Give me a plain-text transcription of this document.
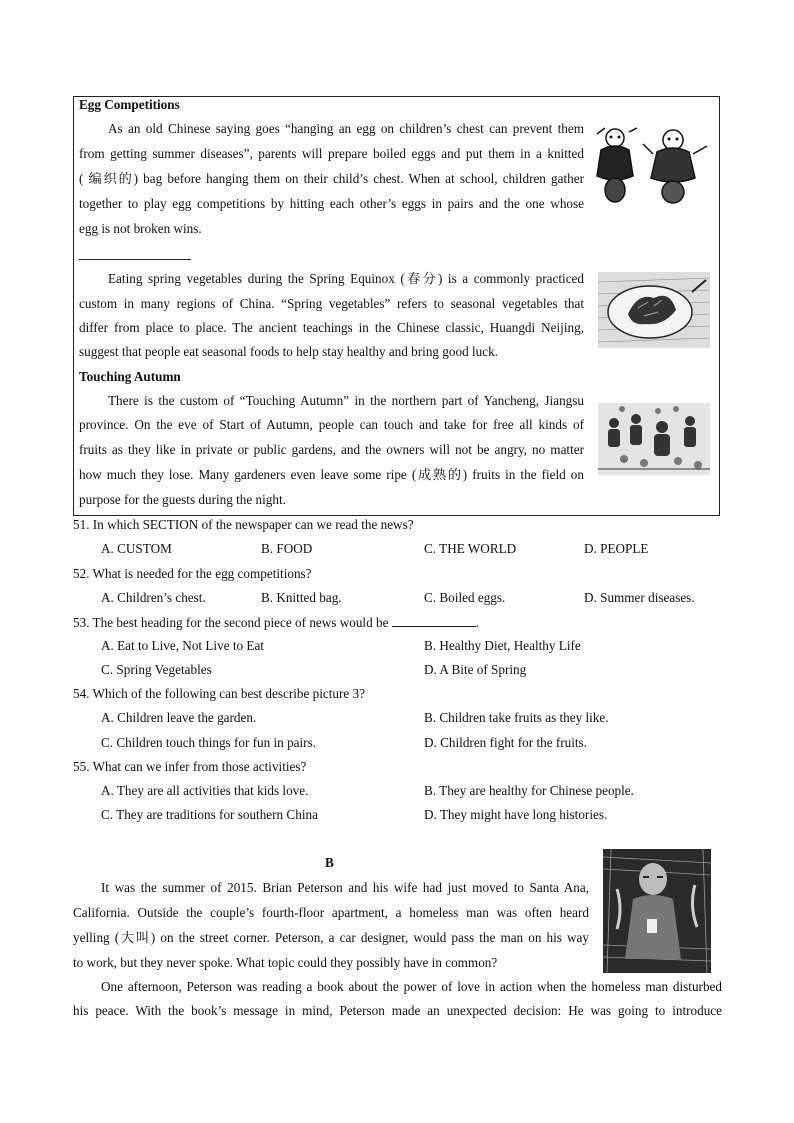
Egg Competitions
As an old Chinese saying goes “hanging an egg on children’s chest can prevent them
from getting summer diseases”, parents will prepare boiled eggs and put them in a knitted
( 编织的) bag before hanging them on their child’s chest. When at school, children gather
together to play egg competitions by hitting each other’s eggs in pairs and the one whose
egg is not broken wins.
Eating spring vegetables during the Spring Equinox (春分) is a commonly practiced
custom in many regions of China. “Spring vegetables” refers to seasonal vegetables that
differ from place to place. The ancient teachings in the Chinese classic, Huangdi Neijing,
suggest that people eat seasonal foods to help stay healthy and bring good luck.
Touching Autumn
There is the custom of “Touching Autumn” in the northern part of Yancheng, Jiangsu
province. On the eve of Start of Autumn, people can touch and take for free all kinds of
fruits as they like in private or public gardens, and the owners will not be angry, no matter
how much they lose. Many gardeners even leave some ripe (成熟的) fruits in the field on
purpose for the guests during the night.
51. In which SECTION of the newspaper can we read the news?
A. CUSTOM	B. FOOD	C. THE WORLD	D. PEOPLE
52. What is needed for the egg competitions?
A. Children’s chest.	B. Knitted bag.	C. Boiled eggs.	D. Summer diseases.
53. The best heading for the second piece of news would be	.
A. Eat to Live, Not Live to Eat	B. Healthy Diet, Healthy Life
C. Spring Vegetables	D. A Bite of Spring
54. Which of the following can best describe picture 3?
A. Children leave the garden.	B. Children take fruits as they like.
C. Children touch things for fun in pairs.	D. Children fight for the fruits.
55. What can we infer from those activities?
A. They are all activities that kids love.	B. They are healthy for Chinese people.
C. They are traditions for southern China	D. They might have long histories.
B
It was the summer of 2015. Brian Peterson and his wife had just moved to Santa Ana,
California. Outside the couple’s fourth-floor apartment, a homeless man was often heard
yelling (大叫) on the street corner. Peterson, a car designer, would pass the man on his way
to work, but they never spoke. What topic could they possibly have in common?
One afternoon, Peterson was reading a book about the power of love in action when the homeless man disturbed
his peace. With the book’s message in mind, Peterson made an unexpected decision: He was going to introduce
